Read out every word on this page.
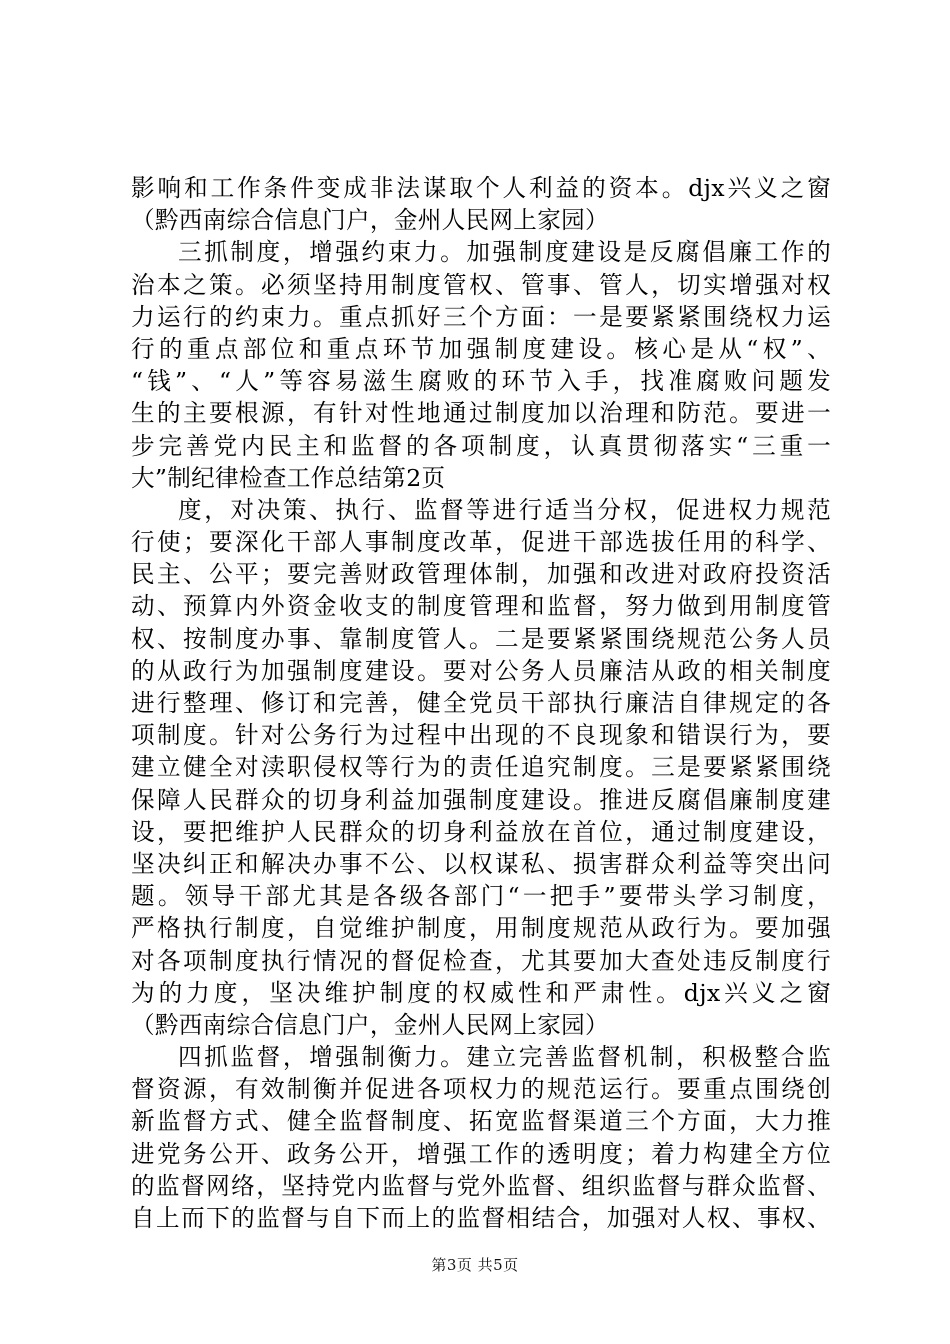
影响和工作条件变成非法谋取个人利益的资本。djx兴义之窗
（黔西南综合信息门户，金州人民网上家园）
三抓制度，增强约束力。加强制度建设是反腐倡廉工作的
治本之策。必须坚持用制度管权、管事、管人，切实增强对权
力运行的约束力。重点抓好三个方面：一是要紧紧围绕权力运
行的重点部位和重点环节加强制度建设。核心是从“权”、
“钱”、“人”等容易滋生腐败的环节入手，找准腐败问题发
生的主要根源，有针对性地通过制度加以治理和防范。要进一
步完善党内民主和监督的各项制度，认真贯彻落实“三重一
大”制纪律检查工作总结第2页
度，对决策、执行、监督等进行适当分权，促进权力规范
行使；要深化干部人事制度改革，促进干部选拔任用的科学、
民主、公平；要完善财政管理体制，加强和改进对政府投资活
动、预算内外资金收支的制度管理和监督，努力做到用制度管
权、按制度办事、靠制度管人。二是要紧紧围绕规范公务人员
的从政行为加强制度建设。要对公务人员廉洁从政的相关制度
进行整理、修订和完善，健全党员干部执行廉洁自律规定的各
项制度。针对公务行为过程中出现的不良现象和错误行为，要
建立健全对渎职侵权等行为的责任追究制度。三是要紧紧围绕
保障人民群众的切身利益加强制度建设。推进反腐倡廉制度建
设，要把维护人民群众的切身利益放在首位，通过制度建设，
坚决纠正和解决办事不公、以权谋私、损害群众利益等突出问
题。领导干部尤其是各级各部门“一把手”要带头学习制度，
严格执行制度，自觉维护制度，用制度规范从政行为。要加强
对各项制度执行情况的督促检查，尤其要加大查处违反制度行
为的力度，坚决维护制度的权威性和严肃性。djx兴义之窗
（黔西南综合信息门户，金州人民网上家园）
四抓监督，增强制衡力。建立完善监督机制，积极整合监
督资源，有效制衡并促进各项权力的规范运行。要重点围绕创
新监督方式、健全监督制度、拓宽监督渠道三个方面，大力推
进党务公开、政务公开，增强工作的透明度；着力构建全方位
的监督网络，坚持党内监督与党外监督、组织监督与群众监督、
自上而下的监督与自下而上的监督相结合，加强对人权、事权、
第3页 共5页
